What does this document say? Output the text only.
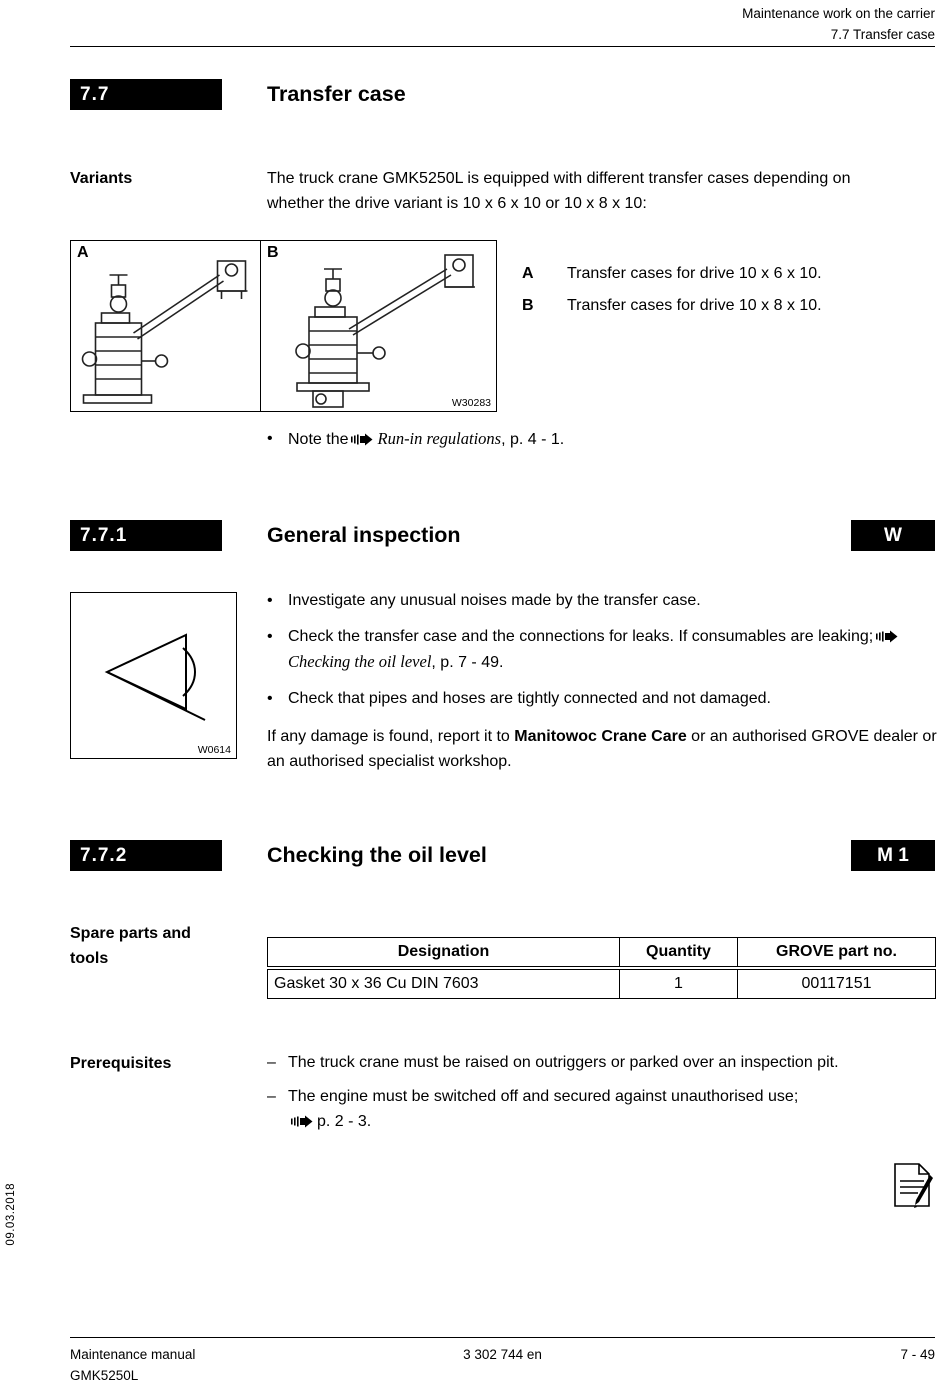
Maintenance work on the carrier
7.7 Transfer case
7.7	Transfer case
Variants	The truck crane GMK5250L is equipped with different transfer cases depending on whether the drive variant is 10 x 6 x 10 or 10 x 8 x 10:
A	B
W30283
A	Transfer cases for drive 10 x 6 x 10.
B	Transfer cases for drive 10 x 8 x 10.
•
Note the Run-in regulations, p. 4 - 1.
7.7.1	General inspection	W
W0614
•
Investigate any unusual noises made by the transfer case.
•
Check the transfer case and the connections for leaks. If consumables are leaking;
Checking the oil level, p. 7 - 49.
•
Check that pipes and hoses are tightly connected and not damaged.
If any damage is found, report it to Manitowoc Crane Care or an authorised GROVE dealer or an authorised specialist workshop.
7.7.2	Checking the oil level	M 1
Spare parts and
tools	Designation	Quantity	GROVE part no.
Gasket 30 x 36 Cu DIN 7603	1	00117151
Prerequisites –	The truck crane must be raised on outriggers or parked over an inspection pit.
–
The engine must be switched off and secured against unauthorised use;
p. 2 - 3.
09.03.2018
Maintenance manual
GMK5250L
3 302 744 en	7 - 49
